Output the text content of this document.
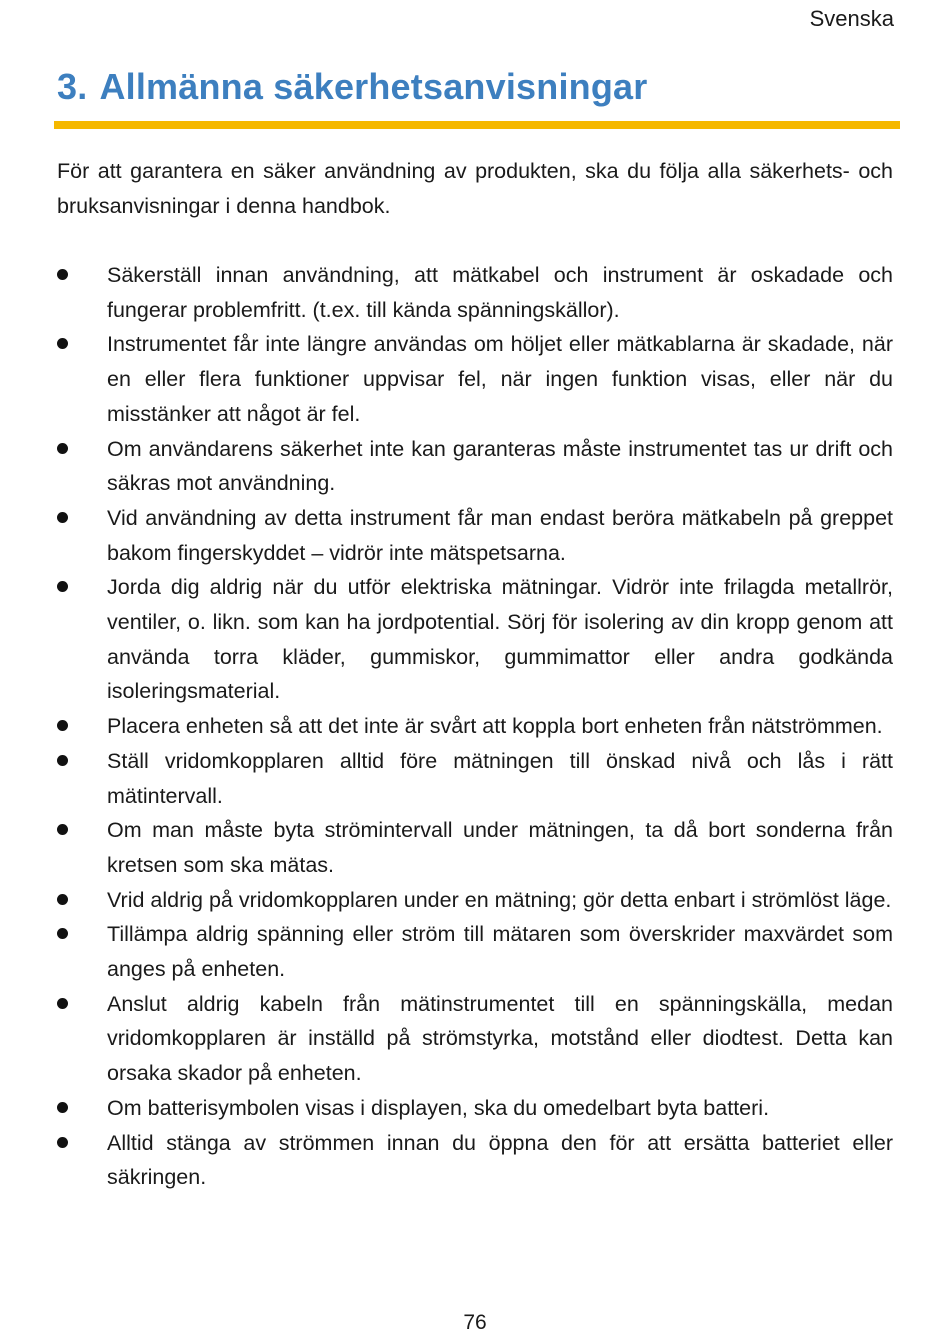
Svenska
3. Allmänna säkerhetsanvisningar

För att garantera en säker användning av produkten, ska du följa alla säkerhets- och bruksanvisningar i denna handbok.

Säkerställ innan användning, att mätkabel och instrument är oskadade och fungerar problemfritt. (t.ex. till kända spänningskällor).
Instrumentet får inte längre användas om höljet eller mätkablarna är skadade, när en eller flera funktioner uppvisar fel, när ingen funktion visas, eller när du misstänker att något är fel.
Om användarens säkerhet inte kan garanteras måste instrumentet tas ur drift och säkras mot användning.
Vid användning av detta instrument får man endast beröra mätkabeln på greppet bakom fingerskyddet – vidrör inte mätspetsarna.
Jorda dig aldrig när du utför elektriska mätningar. Vidrör inte frilagda metallrör, ventiler, o. likn. som kan ha jordpotential. Sörj för isolering av din kropp genom att använda torra kläder, gummiskor, gummimattor eller andra godkända isoleringsmaterial.
Placera enheten så att det inte är svårt att koppla bort enheten från nätströmmen.
Ställ vridomkopplaren alltid före mätningen till önskad nivå och lås i rätt mätintervall.
Om man måste byta strömintervall under mätningen, ta då bort sonderna från kretsen som ska mätas.
Vrid aldrig på vridomkopplaren under en mätning; gör detta enbart i strömlöst läge.
Tillämpa aldrig spänning eller ström till mätaren som överskrider maxvärdet som anges på enheten.
Anslut aldrig kabeln från mätinstrumentet till en spänningskälla, medan vridomkopplaren är inställd på strömstyrka, motstånd eller diodtest. Detta kan orsaka skador på enheten.
Om batterisymbolen visas i displayen, ska du omedelbart byta batteri.
Alltid stänga av strömmen innan du öppna den för att ersätta batteriet eller säkringen.
76
